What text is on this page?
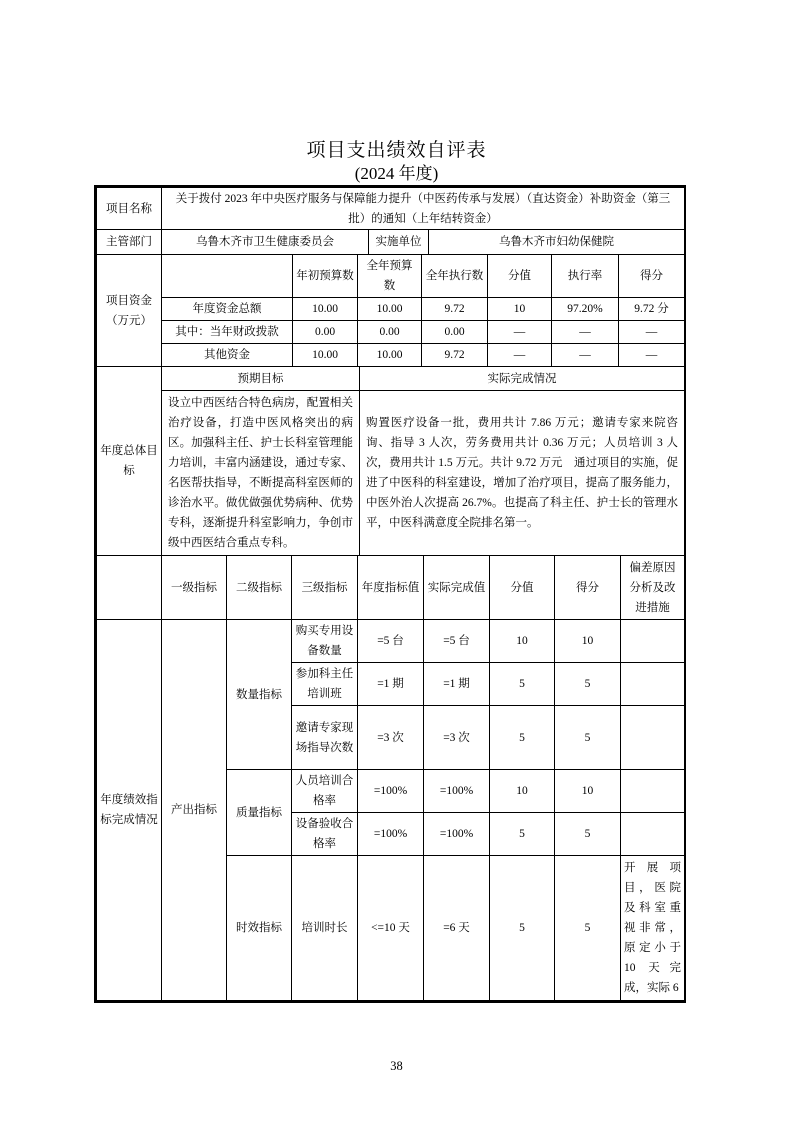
项目支出绩效自评表
(2024 年度)
项目名称	关于拨付 2023 年中央医疗服务与保障能力提升（中医药传承与发展）（直达资金）补助资金（第三批）的通知（上年结转资金）
主管部门	乌鲁木齐市卫生健康委员会	实施单位	乌鲁木齐市妇幼保健院
项目资金（万元）		年初预算数	全年预算数	全年执行数	分值	执行率	得分
	年度资金总额	10.00	10.00	9.72	10	97.20%	9.72 分
	其中：当年财政拨款	0.00	0.00	0.00	—	—	—
	其他资金	10.00	10.00	9.72	—	—	—
年度总体目标	预期目标	实际完成情况
	设立中西医结合特色病房，配置相关治疗设备，打造中医风格突出的病区。加强科主任、护士长科室管理能力培训，丰富内涵建设，通过专家、名医帮扶指导，不断提高科室医师的诊治水平。做优做强优势病种、优势专科，逐渐提升科室影响力，争创市级中西医结合重点专科。	购置医疗设备一批，费用共计 7.86 万元；邀请专家来院咨询、指导 3 人次，劳务费用共计 0.36 万元；人员培训 3 人次，费用共计 1.5 万元。共计 9.72 万元　通过项目的实施，促进了中医科的科室建设，增加了治疗项目，提高了服务能力，中医外治人次提高 26.7%。也提高了科主任、护士长的管理水平，中医科满意度全院排名第一。
	一级指标	二级指标	三级指标	年度指标值	实际完成值	分值	得分	偏差原因分析及改进措施
年度绩效指标完成情况	产出指标	数量指标	购买专用设备数量	=5 台	=5 台	10	10	
			参加科主任培训班	=1 期	=1 期	5	5	
			邀请专家现场指导次数	=3 次	=3 次	5	5	
		质量指标	人员培训合格率	=100%	=100%	10	10	
			设备验收合格率	=100%	=100%	5	5	
		时效指标	培训时长	<=10 天	=6 天	5	5	开展项目，医院及科室重视非常，原定小于 10 天完成，实际 6
38
